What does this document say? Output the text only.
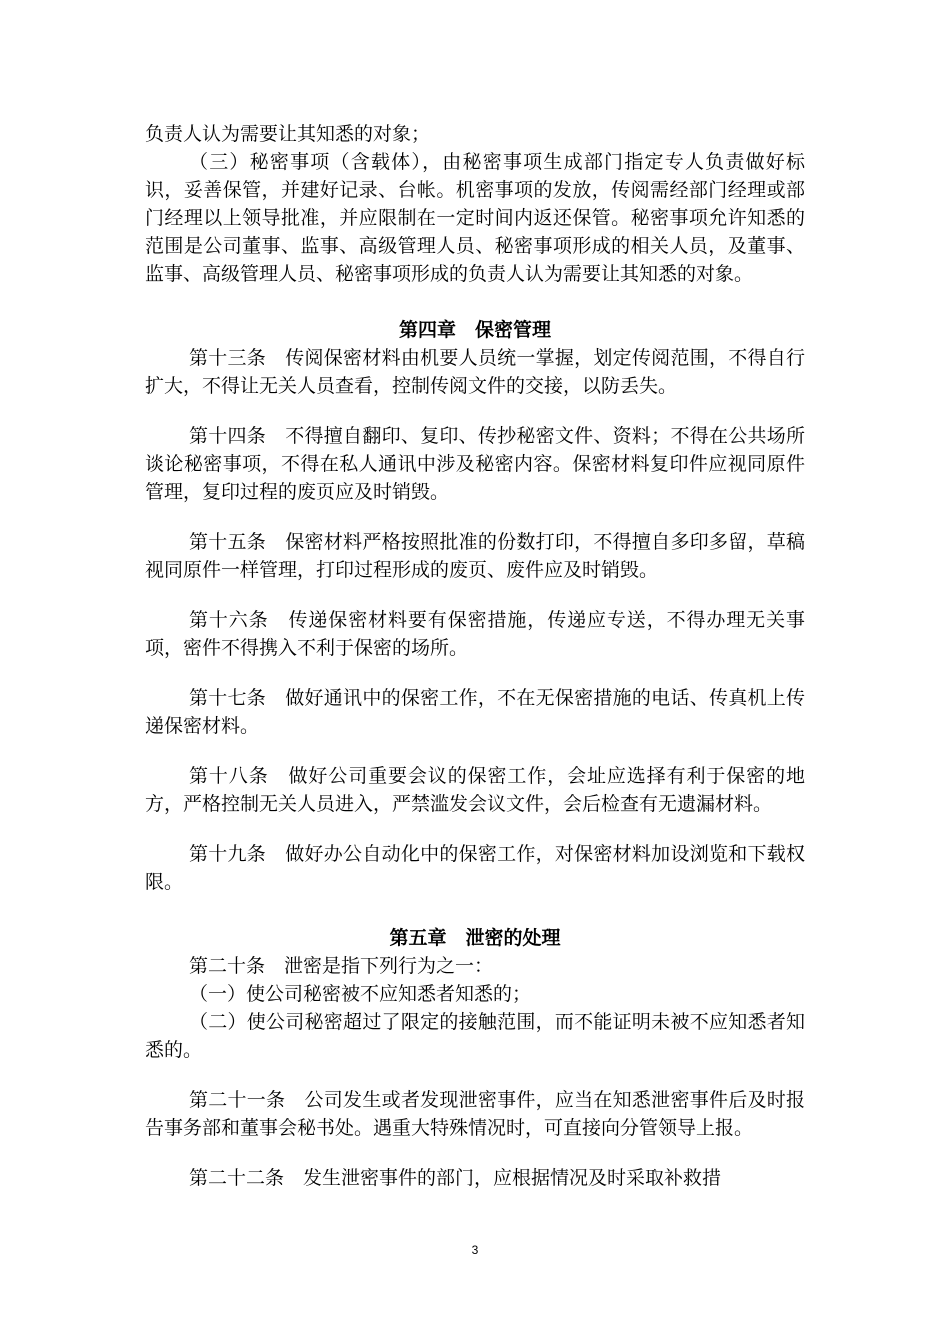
负责人认为需要让其知悉的对象；

（三）秘密事项（含载体），由秘密事项生成部门指定专人负责做好标识，妥善保管，并建好记录、台帐。机密事项的发放，传阅需经部门经理或部门经理以上领导批准，并应限制在一定时间内返还保管。秘密事项允许知悉的范围是公司董事、监事、高级管理人员、秘密事项形成的相关人员，及董事、监事、高级管理人员、秘密事项形成的负责人认为需要让其知悉的对象。

第四章　保密管理

第十三条　传阅保密材料由机要人员统一掌握，划定传阅范围，不得自行扩大，不得让无关人员查看，控制传阅文件的交接，以防丢失。

第十四条　不得擅自翻印、复印、传抄秘密文件、资料；不得在公共场所谈论秘密事项，不得在私人通讯中涉及秘密内容。保密材料复印件应视同原件管理，复印过程的废页应及时销毁。

第十五条　保密材料严格按照批准的份数打印，不得擅自多印多留，草稿视同原件一样管理，打印过程形成的废页、废件应及时销毁。

第十六条　传递保密材料要有保密措施，传递应专送，不得办理无关事项，密件不得携入不利于保密的场所。

第十七条　做好通讯中的保密工作，不在无保密措施的电话、传真机上传递保密材料。

第十八条　做好公司重要会议的保密工作，会址应选择有利于保密的地方，严格控制无关人员进入，严禁滥发会议文件，会后检查有无遗漏材料。

第十九条　做好办公自动化中的保密工作，对保密材料加设浏览和下载权限。

第五章　泄密的处理

第二十条　泄密是指下列行为之一：

（一）使公司秘密被不应知悉者知悉的；

（二）使公司秘密超过了限定的接触范围，而不能证明未被不应知悉者知悉的。

第二十一条　公司发生或者发现泄密事件，应当在知悉泄密事件后及时报告事务部和董事会秘书处。遇重大特殊情况时，可直接向分管领导上报。

第二十二条　发生泄密事件的部门，应根据情况及时采取补救措

3
